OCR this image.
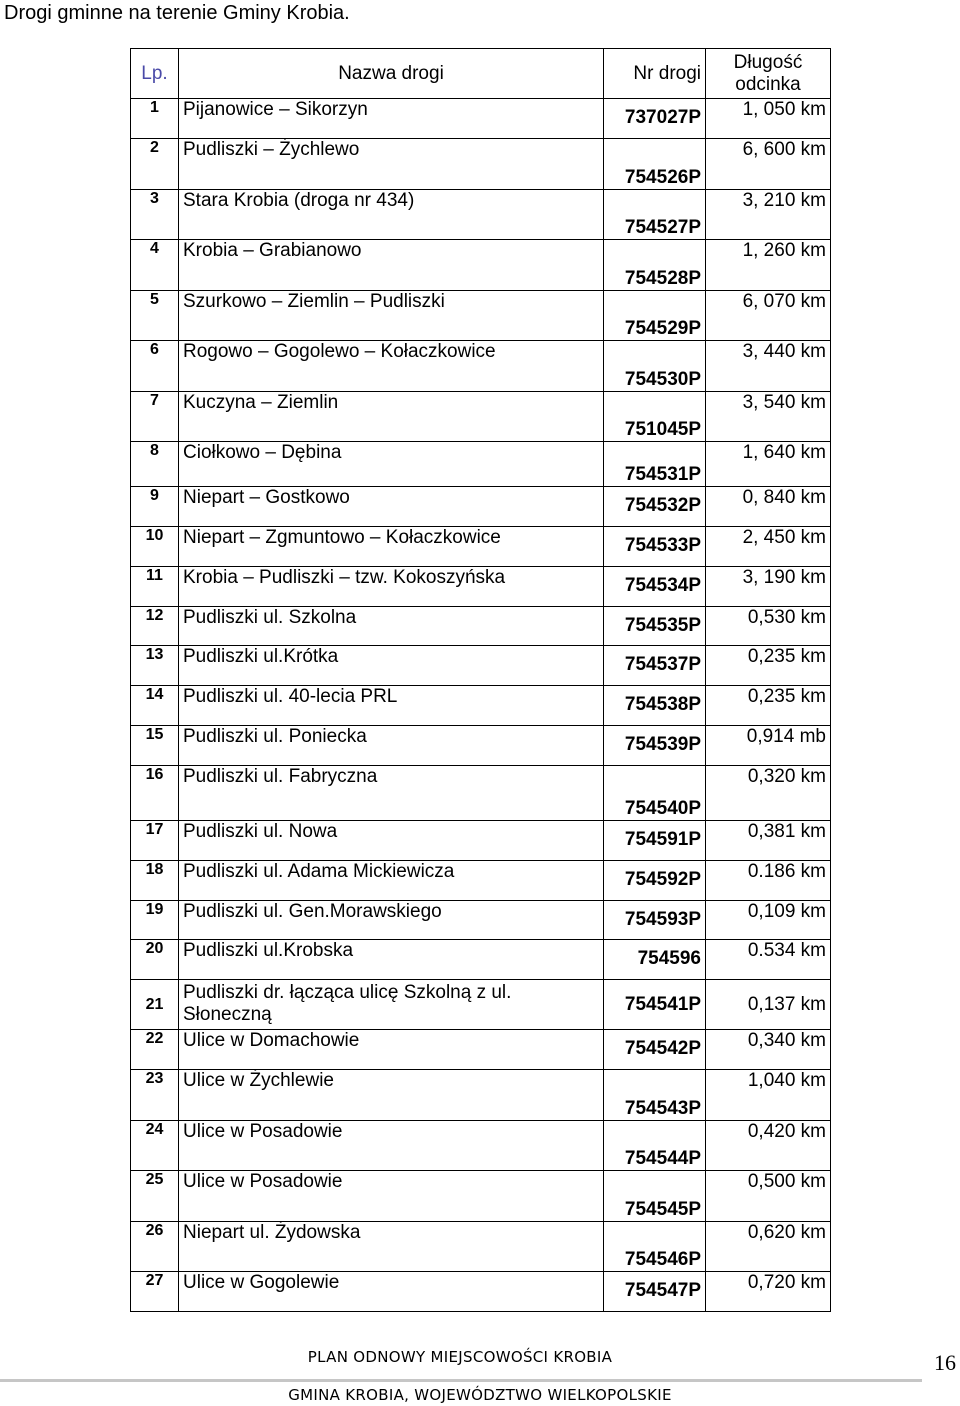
Drogi gminne na terenie Gminy Krobia.
Lp.	Nazwa drogi	Nr drogi	Długość
odcinka

1	Pijanowice – Sikorzyn	737027P	1, 050 km
2	Pudliszki – Żychlewo	754526P	6, 600 km
3	Stara Krobia (droga nr 434)	754527P	3, 210 km
4	Krobia – Grabianowo	754528P	1, 260 km
5	Szurkowo – Ziemlin – Pudliszki	754529P	6, 070 km
6	Rogowo – Gogolewo – Kołaczkowice	754530P	3, 440 km
7	Kuczyna – Ziemlin	751045P	3, 540 km
8	Ciołkowo – Dębina	754531P	1, 640 km
9	Niepart – Gostkowo	754532P	0, 840 km
10	Niepart – Zgmuntowo – Kołaczkowice	754533P	2, 450 km
11	Krobia – Pudliszki – tzw. Kokoszyńska	754534P	3, 190 km
12	Pudliszki ul. Szkolna	754535P	0,530 km
13	Pudliszki ul.Krótka	754537P	0,235 km
14	Pudliszki ul. 40-lecia PRL	754538P	0,235 km
15	Pudliszki ul. Poniecka	754539P	0,914 mb
16	Pudliszki ul. Fabryczna	754540P	0,320 km
17	Pudliszki ul. Nowa	754591P	0,381 km
18	Pudliszki ul. Adama Mickiewicza	754592P	0.186 km
19	Pudliszki ul. Gen.Morawskiego	754593P	0,109 km
20	Pudliszki ul.Krobska	754596	0.534 km
21	Pudliszki dr. łącząca ulicę Szkolną z ul. Słoneczną	754541P	0,137 km
22	Ulice w Domachowie	754542P	0,340 km
23	Ulice w Żychlewie	754543P	1,040 km
24	Ulice w Posadowie	754544P	0,420 km
25	Ulice w Posadowie	754545P	0,500 km
26	Niepart ul. Żydowska	754546P	0,620 km
27	Ulice w Gogolewie	754547P	0,720 km
PLAN ODNOWY MIEJSCOWOŚCI KROBIA
GMINA KROBIA, WOJEWÓDZTWO WIELKOPOLSKIE
16
